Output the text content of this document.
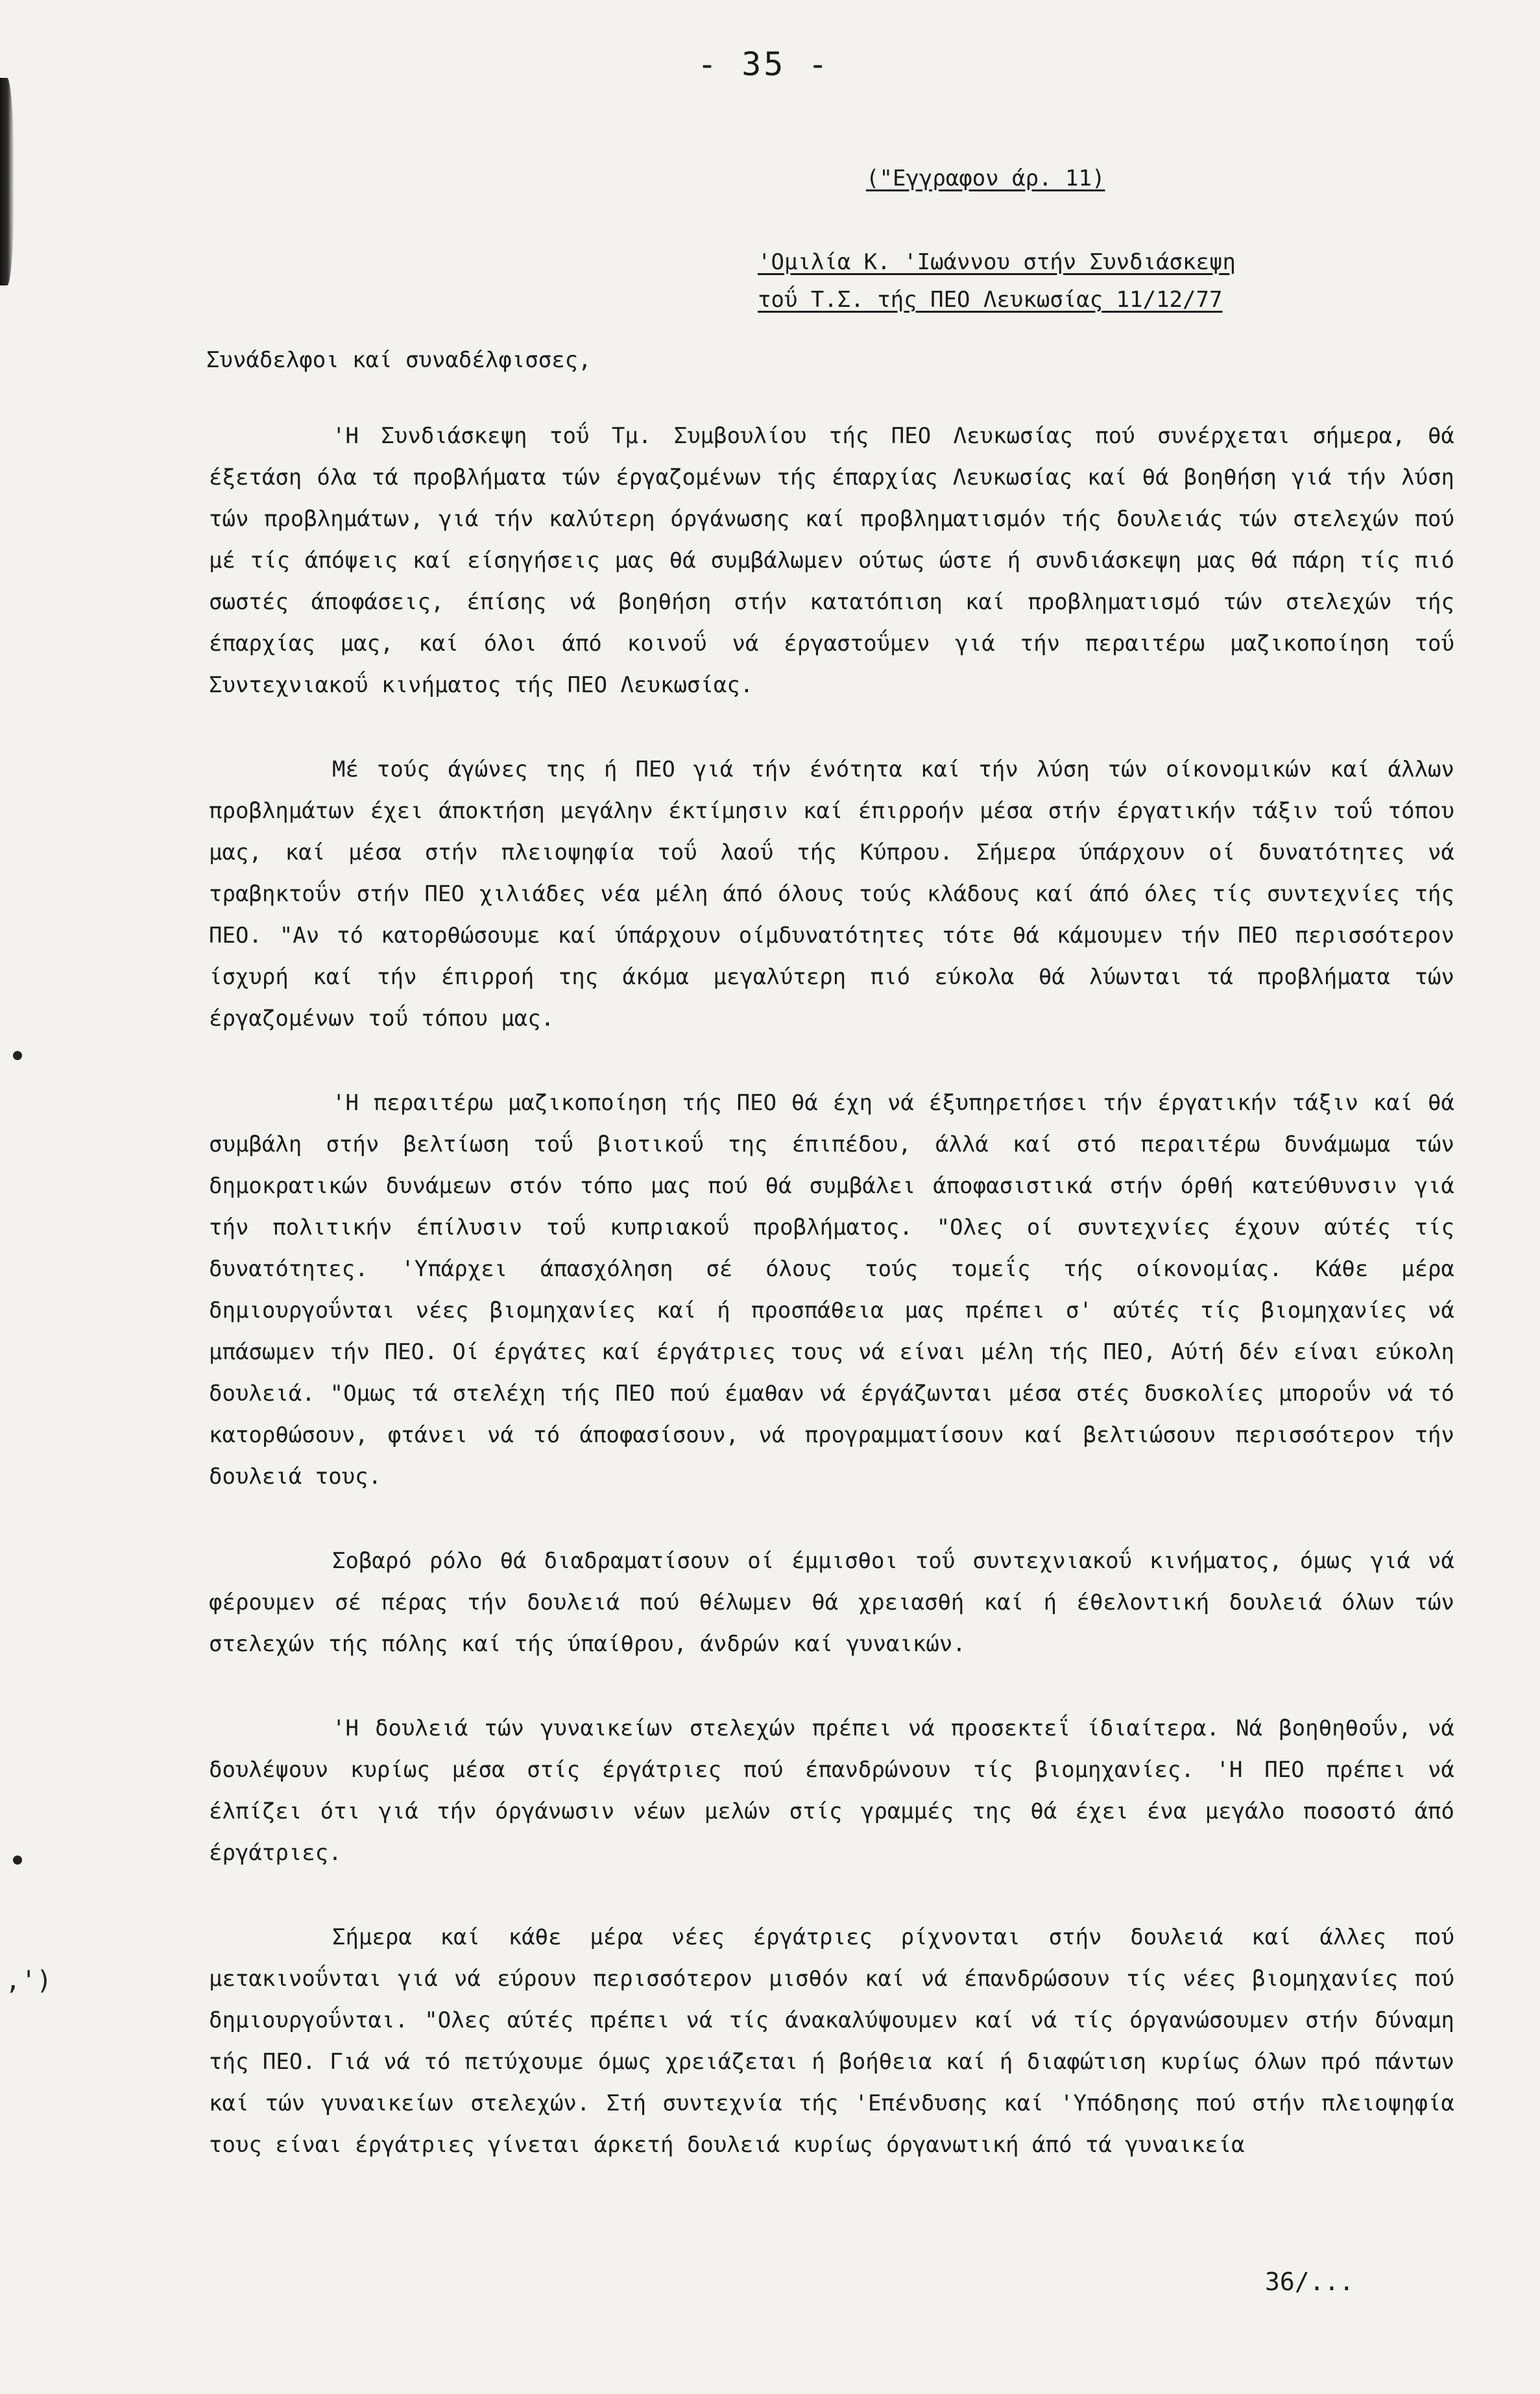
,')
- 35 -
("Εγγραφον άρ. 11)
'Ομιλία Κ. 'Ιωάννου στήν Συνδιάσκεψη
τοΰ Τ.Σ. τής ΠΕΟ Λευκωσίας 11/12/77
Συνάδελφοι καί συναδέλφισσες,

'Η Συνδιάσκεψη τοΰ Τμ. Συμβουλίου τής ΠΕΟ Λευκωσίας πού συνέρχεται σήμερα, θά έξετάση όλα τά προβλήματα τών έργαζομένων τής έπαρχίας Λευκωσίας καί θά βοηθήση γιά τήν λύση τών προβλημάτων, γιά τήν καλύτερη όργάνωσης καί προβληματισμόν τής δουλειάς τών στελεχών πού μέ τίς άπόψεις καί είσηγήσεις μας θά συμβάλωμεν ούτως ώστε ή συνδιάσκεψη μας θά πάρη τίς πιό σωστές άποφάσεις, έπίσης νά βοηθήση στήν κατατόπιση καί προβληματισμό τών στελεχών τής έπαρχίας μας, καί όλοι άπό κοινοΰ νά έργαστοΰμεν γιά τήν περαιτέρω μαζικοποίηση τοΰ Συντεχνιακοΰ κινήματος τής ΠΕΟ Λευκωσίας.

Μέ τούς άγώνες της ή ΠΕΟ γιά τήν ένότητα καί τήν λύση τών οίκονομικών καί άλλων προβλημάτων έχει άποκτήση μεγάλην έκτίμησιν καί έπιρροήν μέσα στήν έργατικήν τάξιν τοΰ τόπου μας, καί μέσα στήν πλειοψηφία τοΰ λαοΰ τής Κύπρου. Σήμερα ύπάρχουν οί δυνατότητες νά τραβηκτοΰν στήν ΠΕΟ χιλιάδες νέα μέλη άπό όλους τούς κλάδους καί άπό όλες τίς συντεχνίες τής ΠΕΟ. "Αν τό κατορθώσουμε καί ύπάρχουν οίμδυνατότητες τότε θά κάμουμεν τήν ΠΕΟ περισσότερον ίσχυρή καί τήν έπιρροή της άκόμα μεγαλύτερη πιό εύκολα θά λύωνται τά προβλήματα τών έργαζομένων τοΰ τόπου μας.

'Η περαιτέρω μαζικοποίηση τής ΠΕΟ θά έχη νά έξυπηρετήσει τήν έργατικήν τάξιν καί θά συμβάλη στήν βελτίωση τοΰ βιοτικοΰ της έπιπέδου, άλλά καί στό περαιτέρω δυνάμωμα τών δημοκρατικών δυνάμεων στόν τόπο μας πού θά συμβάλει άποφασιστικά στήν όρθή κατεύθυνσιν γιά τήν πολιτικήν έπίλυσιν τοΰ κυπριακοΰ προβλήματος. "Ολες οί συντεχνίες έχουν αύτές τίς δυνατότητες. 'Υπάρχει άπασχόληση σέ όλους τούς τομεΐς τής οίκονομίας. Κάθε μέρα δημιουργοΰνται νέες βιομηχανίες καί ή προσπάθεια μας πρέπει σ' αύτές τίς βιομηχανίες νά μπάσωμεν τήν ΠΕΟ. Οί έργάτες καί έργάτριες τους νά είναι μέλη τής ΠΕΟ, Αύτή δέν είναι εύκολη δουλειά. "Ομως τά στελέχη τής ΠΕΟ πού έμαθαν νά έργάζωνται μέσα στές δυσκολίες μποροΰν νά τό κατορθώσουν, φτάνει νά τό άποφασίσουν, νά προγραμματίσουν καί βελτιώσουν περισσότερον τήν δουλειά τους.

Σοβαρό ρόλο θά διαδραματίσουν οί έμμισθοι τοΰ συντεχνιακοΰ κινήματος, όμως γιά νά φέρουμεν σέ πέρας τήν δουλειά πού θέλωμεν θά χρειασθή καί ή έθελοντική δουλειά όλων τών στελεχών τής πόλης καί τής ύπαίθρου, άνδρών καί γυναικών.

'Η δουλειά τών γυναικείων στελεχών πρέπει νά προσεκτεΐ ίδιαίτερα. Νά βοηθηθοΰν, νά δουλέψουν κυρίως μέσα στίς έργάτριες πού έπανδρώνουν τίς βιομηχανίες. 'Η ΠΕΟ πρέπει νά έλπίζει ότι γιά τήν όργάνωσιν νέων μελών στίς γραμμές της θά έχει ένα μεγάλο ποσοστό άπό έργάτριες.

Σήμερα καί κάθε μέρα νέες έργάτριες ρίχνονται στήν δουλειά καί άλλες πού μετακινοΰνται γιά νά εύρουν περισσότερον μισθόν καί νά έπανδρώσουν τίς νέες βιομηχανίες πού δημιουργοΰνται. "Ολες αύτές πρέπει νά τίς άνακαλύψουμεν καί νά τίς όργανώσουμεν στήν δύναμη τής ΠΕΟ. Γιά νά τό πετύχουμε όμως χρειάζεται ή βοήθεια καί ή διαφώτιση κυρίως όλων πρό πάντων καί τών γυναικείων στελεχών. Στή συντεχνία τής 'Επένδυσης καί 'Υπόδησης πού στήν πλειοψηφία τους είναι έργάτριες γίνεται άρκετή δουλειά κυρίως όργανωτική άπό τά γυναικεία

36/...
